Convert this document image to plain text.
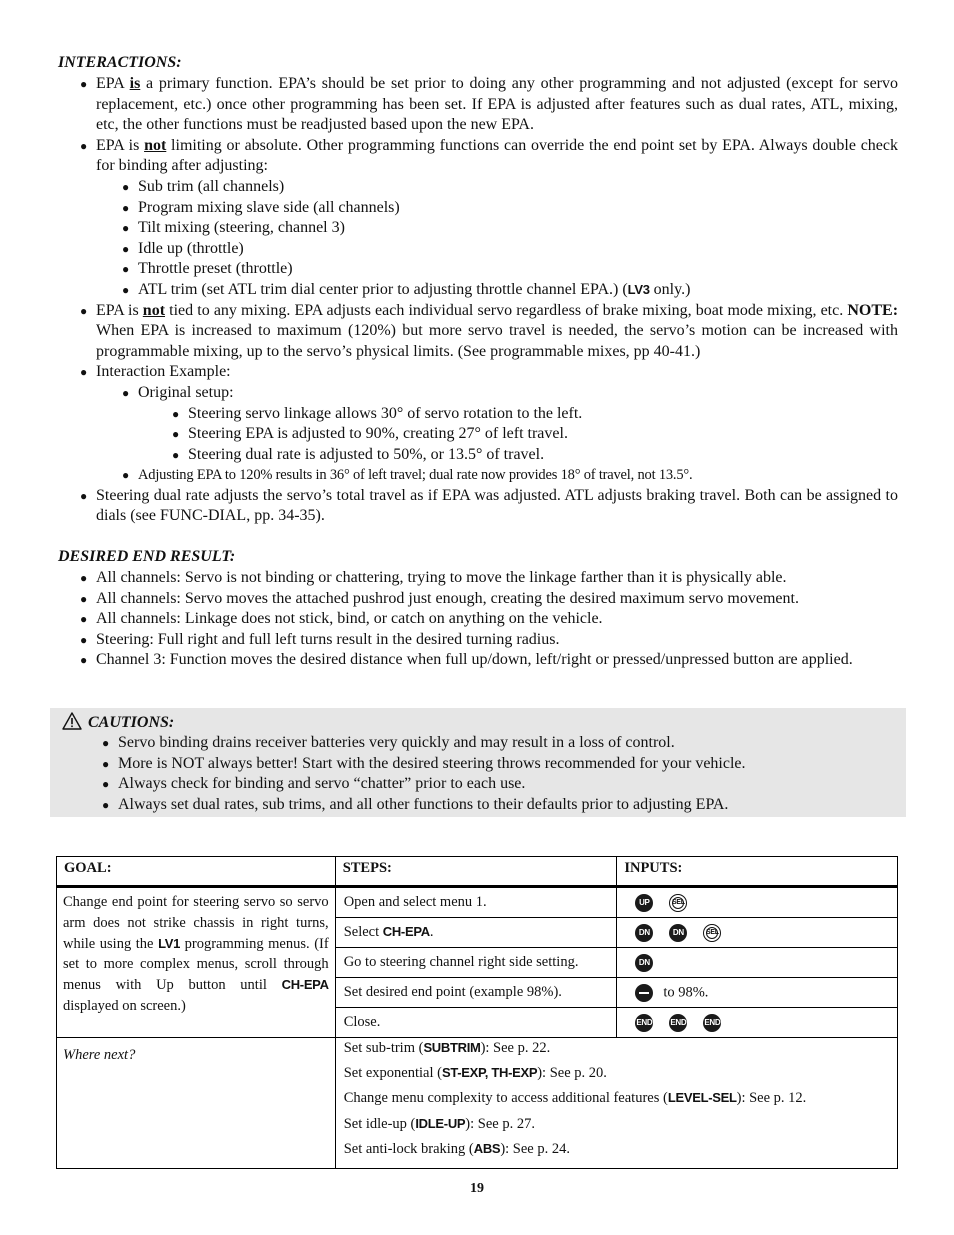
INTERACTIONS:
● EPA is a primary function. EPA’s should be set prior to doing any other programming and not adjusted (except for servo replacement, etc.) once other programming has been set. If EPA is adjusted after features such as dual rates, ATL, mixing, etc, the other functions must be readjusted based upon the new EPA.
● EPA is not limiting or absolute. Other programming functions can override the end point set by EPA. Always double check for binding after adjusting:
● Sub trim (all channels)
● Program mixing slave side (all channels)
● Tilt mixing (steering, channel 3)
● Idle up (throttle)
● Throttle preset (throttle)
● ATL trim (set ATL trim dial center prior to adjusting throttle channel EPA.) (LV3 only.)
● EPA is not tied to any mixing. EPA adjusts each individual servo regardless of brake mixing, boat mode mixing, etc. NOTE: When EPA is increased to maximum (120%) but more servo travel is needed, the servo’s motion can be increased with programmable mixing, up to the servo’s physical limits. (See programmable mixes, pp 40-41.)
● Interaction Example:
● Original setup:
● Steering servo linkage allows 30° of servo rotation to the left.
● Steering EPA is adjusted to 90%, creating 27° of left travel.
● Steering dual rate is adjusted to 50%, or 13.5° of travel.
● Adjusting EPA to 120% results in 36° of left travel; dual rate now provides 18° of travel, not 13.5°.
● Steering dual rate adjusts the servo’s total travel as if EPA was adjusted. ATL adjusts braking travel. Both can be assigned to dials (see FUNC-DIAL, pp. 34-35).
DESIRED END RESULT:
● All channels: Servo is not binding or chattering, trying to move the linkage farther than it is physically able.
● All channels: Servo moves the attached pushrod just enough, creating the desired maximum servo movement.
● All channels: Linkage does not stick, bind, or catch on anything on the vehicle.
● Steering: Full right and full left turns result in the desired turning radius.
● Channel 3: Function moves the desired distance when full up/down, left/right or pressed/unpressed button are applied.
CAUTIONS:
● Servo binding drains receiver batteries very quickly and may result in a loss of control.
● More is NOT always better! Start with the desired steering throws recommended for your vehicle.
● Always check for binding and servo “chatter” prior to each use.
● Always set dual rates, sub trims, and all other functions to their defaults prior to adjusting EPA.
GOAL:	STEPS:	INPUTS:
Change end point for steering servo so servo arm does not strike chassis in right turns, while using the LV1 programming menus. (If set to more complex menus, scroll through menus with Up button until CH-EPA displayed on screen.)	Open and select menu 1.	UP SEL
	Select CH-EPA.	DN DN SEL
	Go to steering channel right side setting.	DN
	Set desired end point (example 98%).	to 98%.
	Close.	END END END
Where next?	Set sub-trim (SUBTRIM): See p. 22.
Set exponential (ST-EXP, TH-EXP): See p. 20.
Change menu complexity to access additional features (LEVEL-SEL): See p. 12.
Set idle-up (IDLE-UP): See p. 27.
Set anti-lock braking (ABS): See p. 24.	
19
